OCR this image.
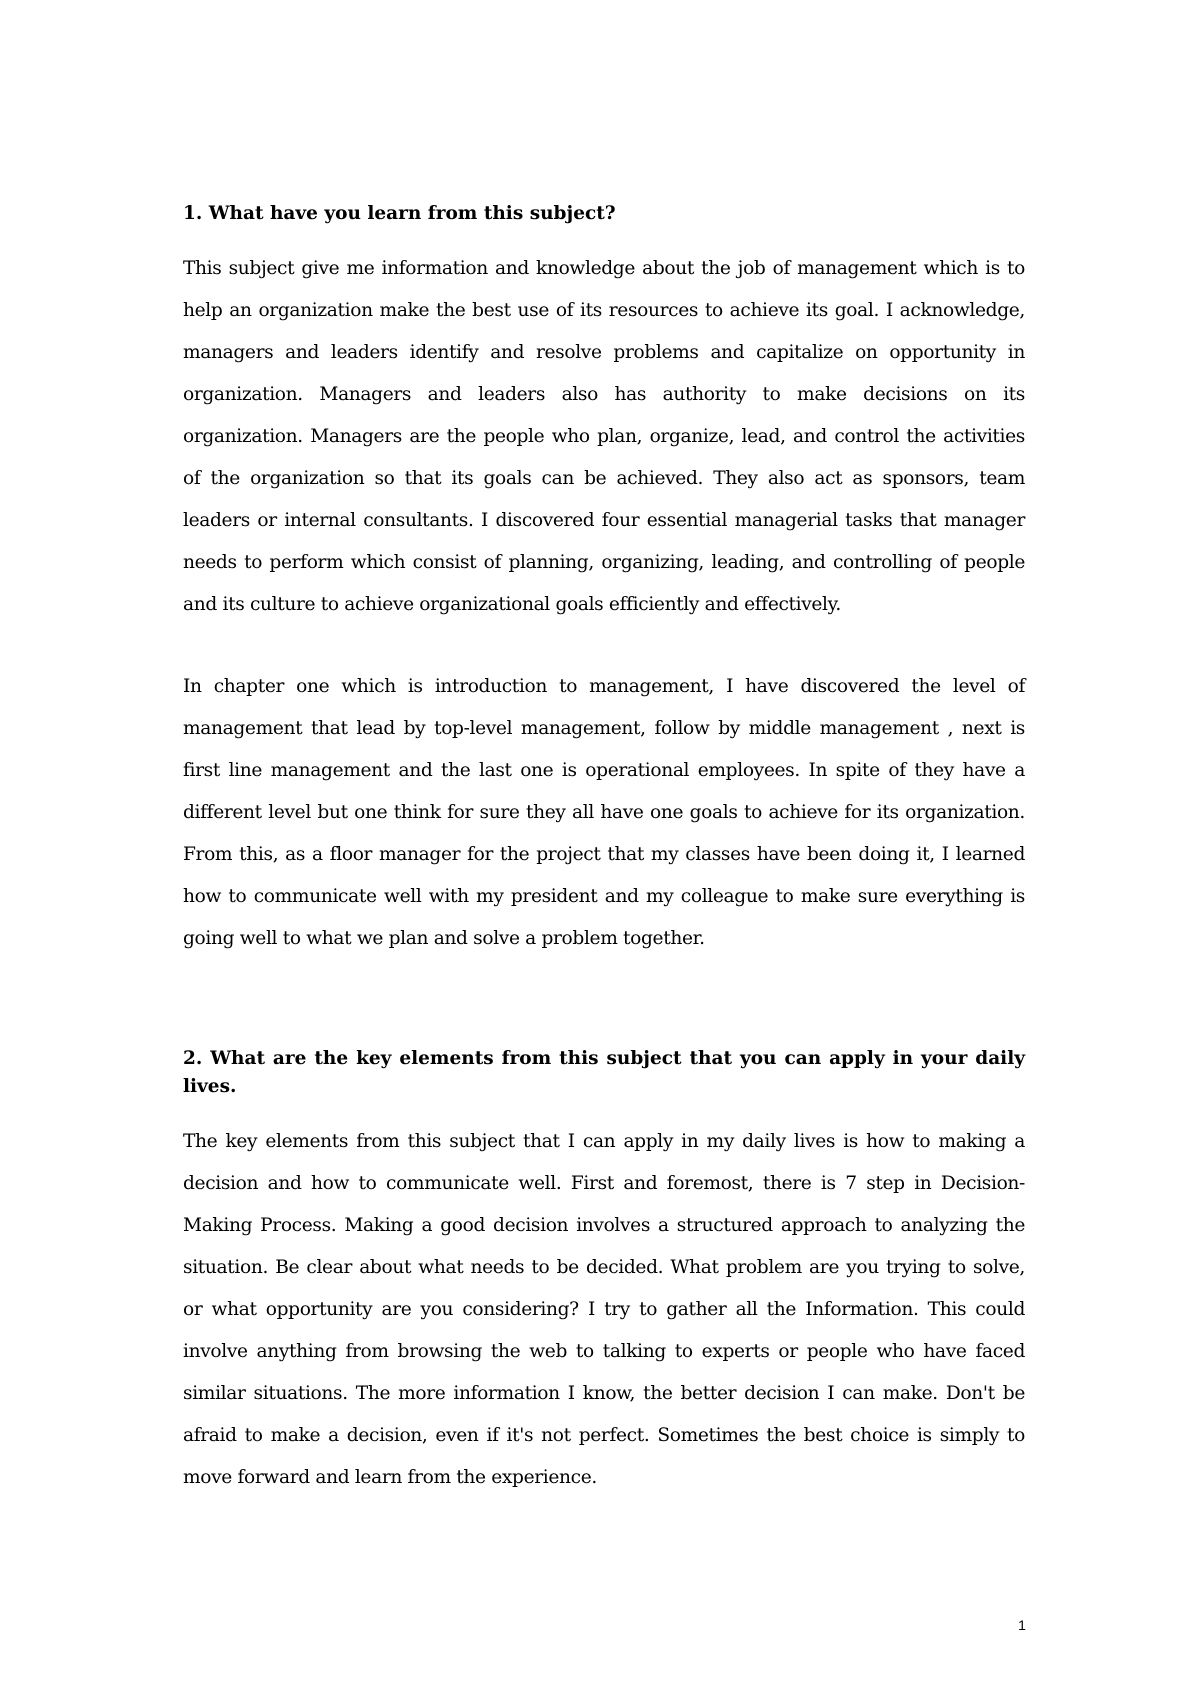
1. What have you learn from this subject?

This subject give me information and knowledge about the job of management which is to help an organization make the best use of its resources to achieve its goal. I acknowledge, managers and leaders identify and resolve problems and capitalize on opportunity in organization. Managers and leaders also has authority to make decisions on its organization. Managers are the people who plan, organize, lead, and control the activities of the organization so that its goals can be achieved. They also act as sponsors, team leaders or internal consultants. I discovered four essential managerial tasks that manager needs to perform which consist of planning, organizing, leading, and controlling of people and its culture to achieve organizational goals efficiently and effectively.

In chapter one which is introduction to management, I have discovered the level of management that lead by top-level management, follow by middle management , next is first line management and the last one is operational employees. In spite of they have a different level but one think for sure they all have one goals to achieve for its organization. From this, as a floor manager for the project that my classes have been doing it, I learned how to communicate well with my president and my colleague to make sure everything is going well to what we plan and solve a problem together.

2. What are the key elements from this subject that you can apply in your daily lives.

The key elements from this subject that I can apply in my daily lives is how to making a decision and how to communicate well. First and foremost, there is 7 step in Decision-Making Process. Making a good decision involves a structured approach to analyzing the situation. Be clear about what needs to be decided. What problem are you trying to solve, or what opportunity are you considering? I try to gather all the Information. This could involve anything from browsing the web to talking to experts or people who have faced similar situations. The more information I know, the better decision I can make. Don't be afraid to make a decision, even if it's not perfect. Sometimes the best choice is simply to move forward and learn from the experience.

1
